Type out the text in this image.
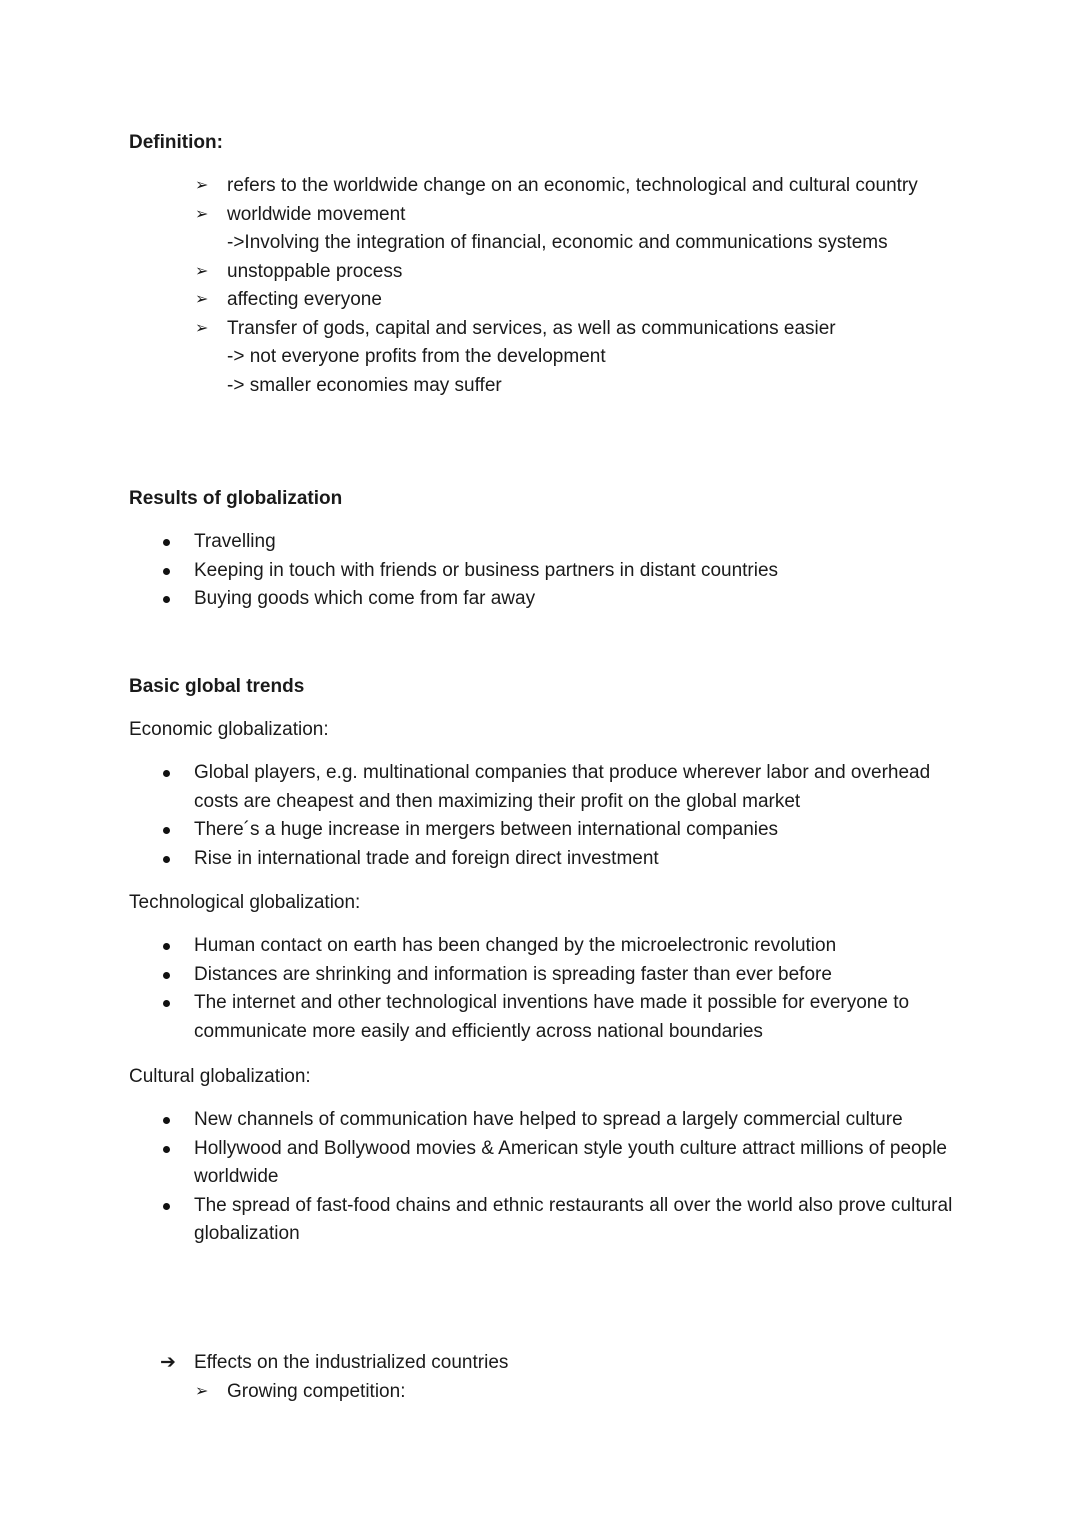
Definition:
➢ refers to the worldwide change on an economic, technological and cultural country
➢ worldwide movement
->Involving the integration of financial, economic and communications systems
➢ unstoppable process
➢ affecting everyone
➢ Transfer of gods, capital and services, as well as communications easier
-> not everyone profits from the development
-> smaller economies may suffer
Results of globalization
Travelling
Keeping in touch with friends or business partners in distant countries
Buying goods which come from far away
Basic global trends

Economic globalization:

Global players, e.g. multinational companies that produce wherever labor and overhead costs are cheapest and then maximizing their profit on the global market
There´s a huge increase in mergers between international companies
Rise in international trade and foreign direct investment

Technological globalization:

Human contact on earth has been changed by the microelectronic revolution
Distances are shrinking and information is spreading faster than ever before
The internet and other technological inventions have made it possible for everyone to communicate more easily and efficiently across national boundaries

Cultural globalization:

New channels of communication have helped to spread a largely commercial culture
Hollywood and Bollywood movies & American style youth culture attract millions of people worldwide
The spread of fast-food chains and ethnic restaurants all over the world also prove cultural globalization
➔ Effects on the industrialized countries
➢ Growing competition:
